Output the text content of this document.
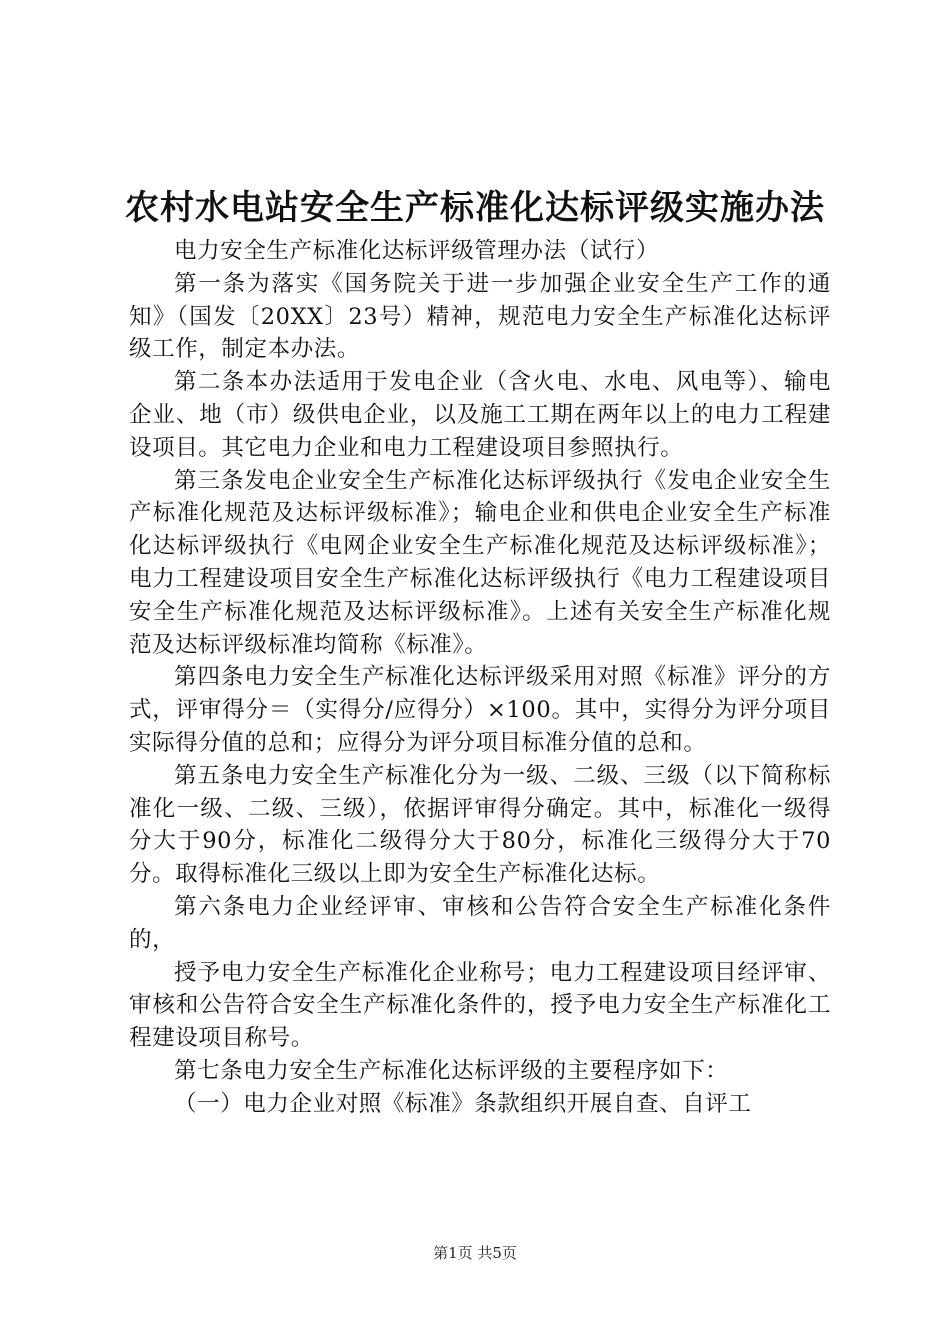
农村水电站安全生产标准化达标评级实施办法

电力安全生产标准化达标评级管理办法（试行）

第一条为落实《国务院关于进一步加强企业安全生产工作的通知》（国发〔20XX〕23号）精神，规范电力安全生产标准化达标评级工作，制定本办法。

第二条本办法适用于发电企业（含火电、水电、风电等）、输电企业、地（市）级供电企业，以及施工工期在两年以上的电力工程建设项目。其它电力企业和电力工程建设项目参照执行。

第三条发电企业安全生产标准化达标评级执行《发电企业安全生产标准化规范及达标评级标准》；输电企业和供电企业安全生产标准化达标评级执行《电网企业安全生产标准化规范及达标评级标准》；电力工程建设项目安全生产标准化达标评级执行《电力工程建设项目安全生产标准化规范及达标评级标准》。上述有关安全生产标准化规范及达标评级标准均简称《标准》。

第四条电力安全生产标准化达标评级采用对照《标准》评分的方式，评审得分＝（实得分/应得分）×100。其中，实得分为评分项目实际得分值的总和；应得分为评分项目标准分值的总和。

第五条电力安全生产标准化分为一级、二级、三级（以下简称标准化一级、二级、三级），依据评审得分确定。其中，标准化一级得分大于90分，标准化二级得分大于80分，标准化三级得分大于70分。取得标准化三级以上即为安全生产标准化达标。

第六条电力企业经评审、审核和公告符合安全生产标准化条件的，

授予电力安全生产标准化企业称号；电力工程建设项目经评审、审核和公告符合安全生产标准化条件的，授予电力安全生产标准化工程建设项目称号。

第七条电力安全生产标准化达标评级的主要程序如下：

（一）电力企业对照《标准》条款组织开展自查、自评工

第1页 共5页
